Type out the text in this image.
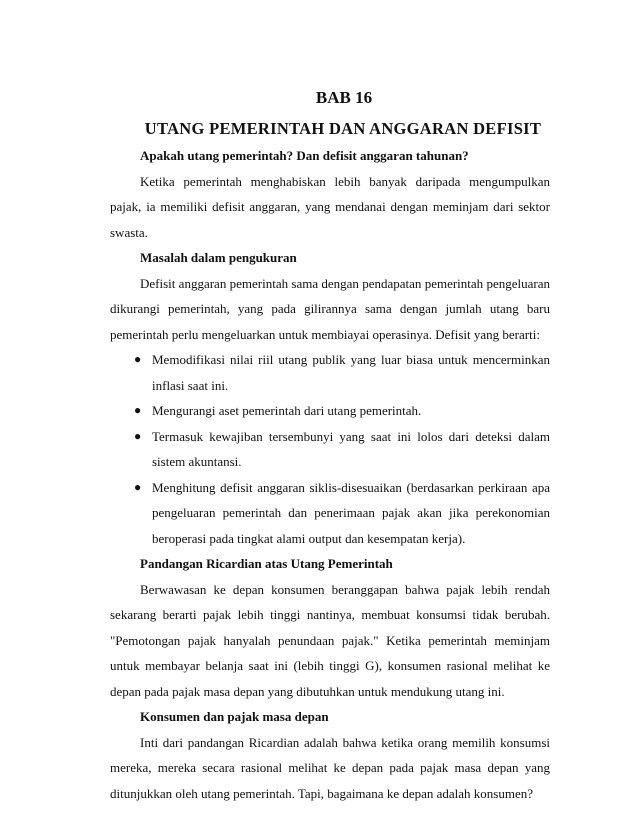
BAB 16
UTANG PEMERINTAH DAN ANGGARAN DEFISIT

Apakah utang pemerintah? Dan defisit anggaran tahunan?

Ketika pemerintah menghabiskan lebih banyak daripada mengumpulkan pajak, ia memiliki defisit anggaran, yang mendanai dengan meminjam dari sektor swasta.

Masalah dalam pengukuran

Defisit anggaran pemerintah sama dengan pendapatan pemerintah pengeluaran dikurangi pemerintah, yang pada gilirannya sama dengan jumlah utang baru pemerintah perlu mengeluarkan untuk membiayai operasinya. Defisit yang berarti:

● Memodifikasi nilai riil utang publik yang luar biasa untuk mencerminkan inflasi saat ini.
● Mengurangi aset pemerintah dari utang pemerintah.
● Termasuk kewajiban tersembunyi yang saat ini lolos dari deteksi dalam sistem akuntansi.
● Menghitung defisit anggaran siklis-disesuaikan (berdasarkan perkiraan apa pengeluaran pemerintah dan penerimaan pajak akan jika perekonomian beroperasi pada tingkat alami output dan kesempatan kerja).

Pandangan Ricardian atas Utang Pemerintah

Berwawasan ke depan konsumen beranggapan bahwa pajak lebih rendah sekarang berarti pajak lebih tinggi nantinya, membuat konsumsi tidak berubah. "Pemotongan pajak hanyalah penundaan pajak." Ketika pemerintah meminjam untuk membayar belanja saat ini (lebih tinggi G), konsumen rasional melihat ke depan pada pajak masa depan yang dibutuhkan untuk mendukung utang ini.

Konsumen dan pajak masa depan

Inti dari pandangan Ricardian adalah bahwa ketika orang memilih konsumsi mereka, mereka secara rasional melihat ke depan pada pajak masa depan yang ditunjukkan oleh utang pemerintah. Tapi, bagaimana ke depan adalah konsumen?
